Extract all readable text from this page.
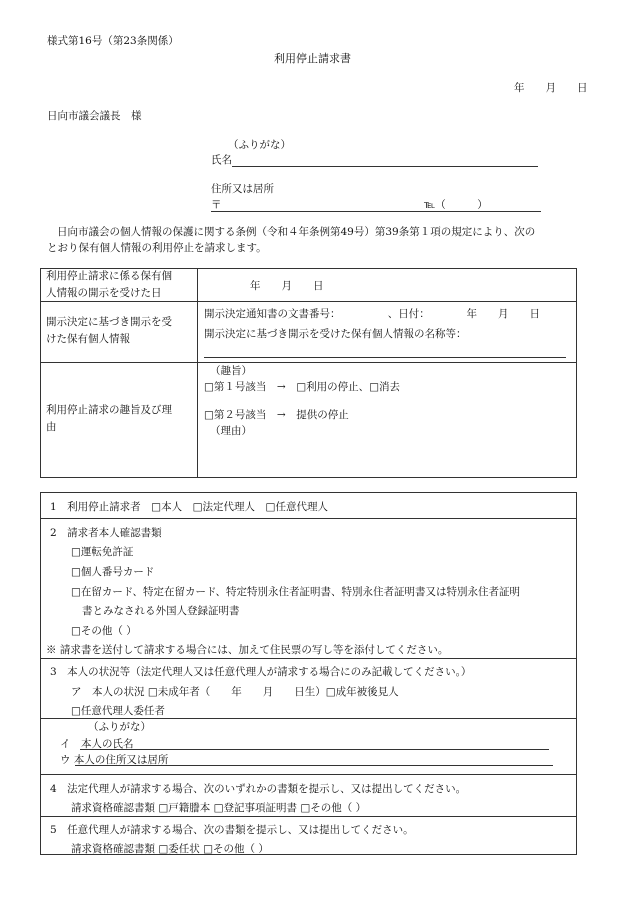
様式第16号（第23条関係）
利用停止請求書
年　　月　　日
日向市議会議長　様
（ふりがな）
氏名
住所又は居所
〒	℡（　　　）
日向市議会の個人情報の保護に関する条例（令和４年条例第49号）第39条第１項の規定により、次の
とおり保有個人情報の利用停止を請求します。
利用停止請求に係る保有個
人情報の開示を受けた日
年　　月　　日
開示決定に基づき開示を受
けた保有個人情報
開示決定通知書の文書番号：　　　　　、日付：　　　　年　　月　　日
開示決定に基づき開示を受けた保有個人情報の名称等：
利用停止請求の趣旨及び理
由
（趣旨）
□第１号該当　→　□利用の停止、□消去
□第２号該当　→　提供の停止
（理由）
1　利用停止請求者　□本人　□法定代理人　□任意代理人
2　請求者本人確認書類
□運転免許証
□個人番号カード
□在留カード、特定在留カード、特定特別永住者証明書、特別永住者証明書又は特別永住者証明
書とみなされる外国人登録証明書
□その他（ ）
※ 請求書を送付して請求する場合には、加えて住民票の写し等を添付してください。
3　本人の状況等（法定代理人又は任意代理人が請求する場合にのみ記載してください。）
ア　本人の状況 □未成年者（　　年　　月　　日生）□成年被後見人
□任意代理人委任者
（ふりがな）
イ　本人の氏名
ウ 本人の住所又は居所
4　法定代理人が請求する場合、次のいずれかの書類を提示し、又は提出してください。
請求資格確認書類 □戸籍謄本 □登記事項証明書 □その他（ ）
5　任意代理人が請求する場合、次の書類を提示し、又は提出してください。
請求資格確認書類 □委任状 □その他（ ）
